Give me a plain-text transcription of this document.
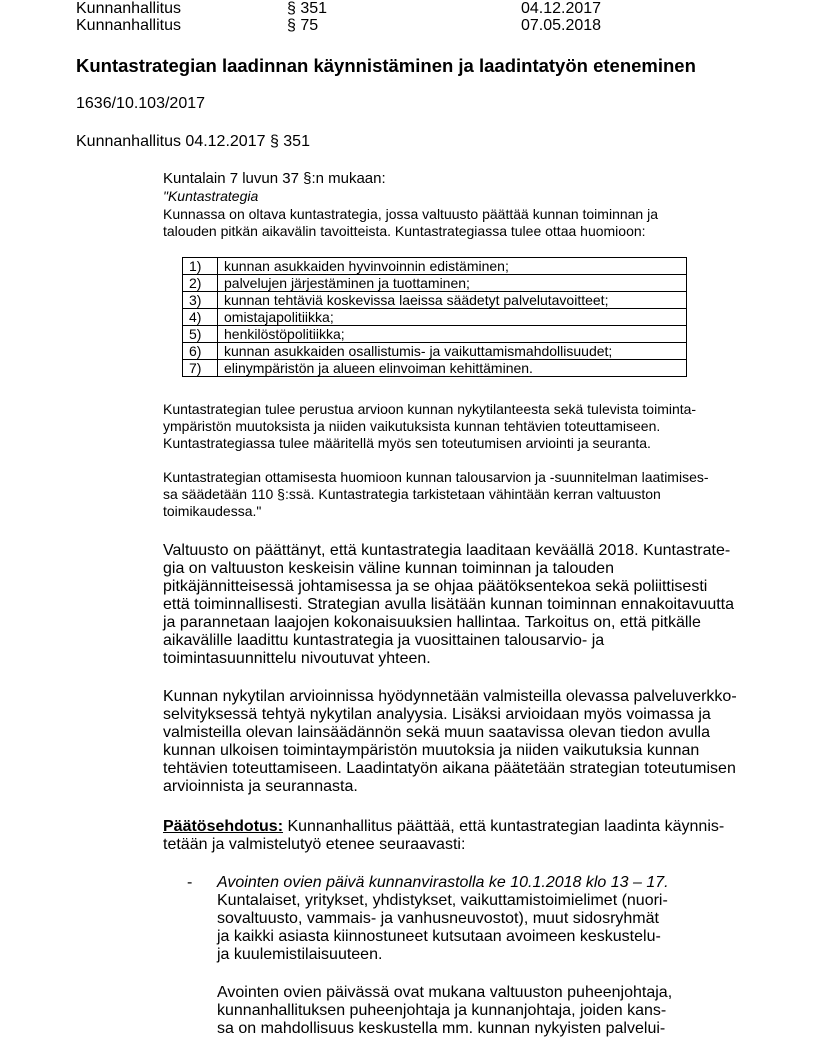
Kunnanhallitus	§ 351	04.12.2017
Kunnanhallitus	§ 75	07.05.2018
Kuntastrategian laadinnan käynnistäminen ja laadintatyön eteneminen
1636/10.103/2017
Kunnanhallitus 04.12.2017 § 351
Kuntalain 7 luvun 37 §:n mukaan:
"Kuntastrategia
Kunnassa on oltava kuntastrategia, jossa valtuusto päättää kunnan toiminnan ja
talouden pitkän aikavälin tavoitteista. Kuntastrategiassa tulee ottaa huomioon:
1)	kunnan asukkaiden hyvinvoinnin edistäminen;
2)	palvelujen järjestäminen ja tuottaminen;
3)	kunnan tehtäviä koskevissa laeissa säädetyt palvelutavoitteet;
4)	omistajapolitiikka;
5)	henkilöstöpolitiikka;
6)	kunnan asukkaiden osallistumis- ja vaikuttamismahdollisuudet;
7)	elinympäristön ja alueen elinvoiman kehittäminen.
Kuntastrategian tulee perustua arvioon kunnan nykytilanteesta sekä tulevista toiminta-
ympäristön muutoksista ja niiden vaikutuksista kunnan tehtävien toteuttamiseen.
Kuntastrategiassa tulee määritellä myös sen toteutumisen arviointi ja seuranta.
Kuntastrategian ottamisesta huomioon kunnan talousarvion ja -suunnitelman laatimises-
sa säädetään 110 §:ssä. Kuntastrategia tarkistetaan vähintään kerran valtuuston
toimikaudessa."
Valtuusto on päättänyt, että kuntastrategia laaditaan keväällä 2018. Kuntastrate-
gia on valtuuston keskeisin väline kunnan toiminnan ja talouden
pitkäjännitteisessä johtamisessa ja se ohjaa päätöksentekoa sekä poliittisesti
että toiminnallisesti. Strategian avulla lisätään kunnan toiminnan ennakoitavuutta
ja parannetaan laajojen kokonaisuuksien hallintaa. Tarkoitus on, että pitkälle
aikavälille laadittu kuntastrategia ja vuosittainen talousarvio- ja
toimintasuunnittelu nivoutuvat yhteen.
Kunnan nykytilan arvioinnissa hyödynnetään valmisteilla olevassa palveluverkko-
selvityksessä tehtyä nykytilan analyysia. Lisäksi arvioidaan myös voimassa ja
valmisteilla olevan lainsäädännön sekä muun saatavissa olevan tiedon avulla
kunnan ulkoisen toimintaympäristön muutoksia ja niiden vaikutuksia kunnan
tehtävien toteuttamiseen. Laadintatyön aikana päätetään strategian toteutumisen
arvioinnista ja seurannasta.
Päätösehdotus: Kunnanhallitus päättää, että kuntastrategian laadinta käynnis-
tetään ja valmistelutyö etenee seuraavasti:
- Avointen ovien päivä kunnanvirastolla ke 10.1.2018 klo 13 – 17.
Kuntalaiset, yritykset, yhdistykset, vaikuttamistoimielimet (nuori-
sovaltuusto, vammais- ja vanhusneuvostot), muut sidosryhmät
ja kaikki asiasta kiinnostuneet kutsutaan avoimeen keskustelu-
ja kuulemistilaisuuteen.
Avointen ovien päivässä ovat mukana valtuuston puheenjohtaja,
kunnanhallituksen puheenjohtaja ja kunnanjohtaja, joiden kans-
sa on mahdollisuus keskustella mm. kunnan nykyisten palvelui-
